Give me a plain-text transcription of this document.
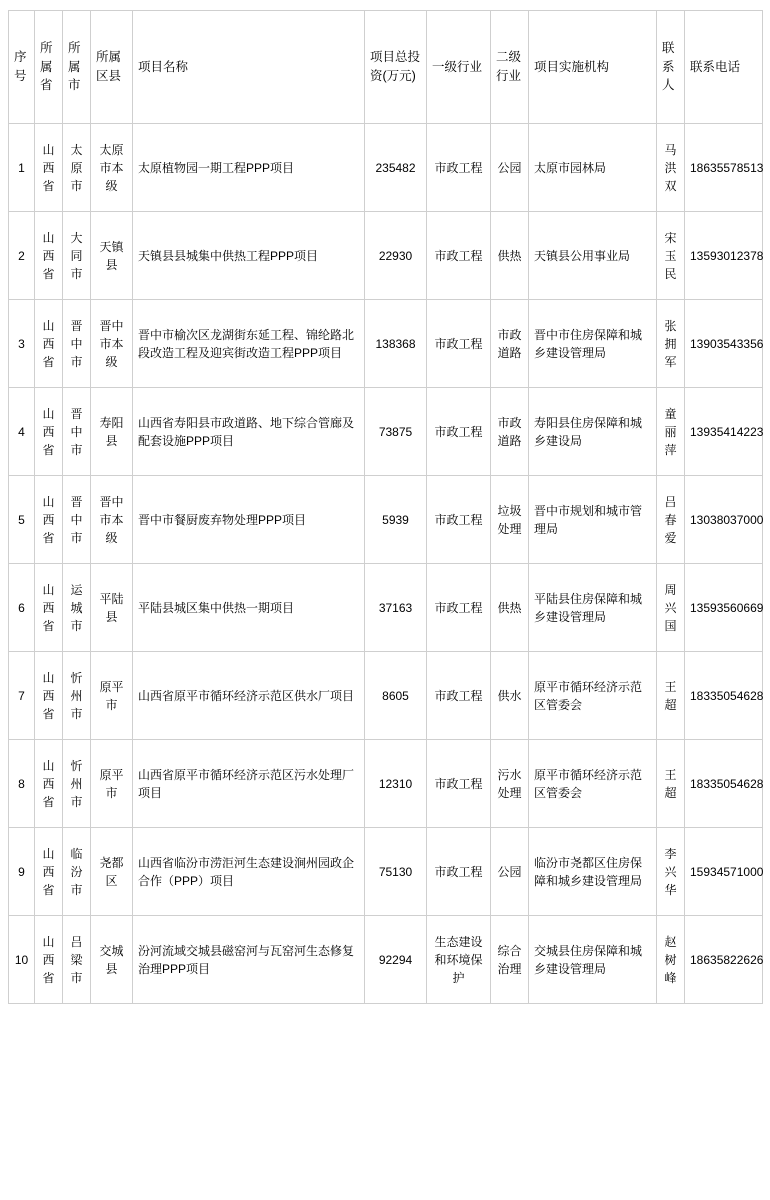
序号	所属省	所属市	所属区县	项目名称	项目总投资(万元)	一级行业	二级行业	项目实施机构	联系人	联系电话
1	山西省	太原市	太原市本级	太原植物园一期工程PPP项目	235482	市政工程	公园	太原市园林局	马洪双	18635578513
2	山西省	大同市	天镇县	天镇县县城集中供热工程PPP项目	22930	市政工程	供热	天镇县公用事业局	宋玉民	13593012378
3	山西省	晋中市	晋中市本级	晋中市榆次区龙湖街东延工程、锦纶路北段改造工程及迎宾街改造工程PPP项目	138368	市政工程	市政道路	晋中市住房保障和城乡建设管理局	张拥军	13903543356
4	山西省	晋中市	寿阳县	山西省寿阳县市政道路、地下综合管廊及配套设施PPP项目	73875	市政工程	市政道路	寿阳县住房保障和城乡建设局	童丽萍	13935414223
5	山西省	晋中市	晋中市本级	晋中市餐厨废弃物处理PPP项目	5939	市政工程	垃圾处理	晋中市规划和城市管理局	吕春爱	13038037000
6	山西省	运城市	平陆县	平陆县城区集中供热一期项目	37163	市政工程	供热	平陆县住房保障和城乡建设管理局	周兴国	13593560669
7	山西省	忻州市	原平市	山西省原平市循环经济示范区供水厂项目	8605	市政工程	供水	原平市循环经济示范区管委会	王超	18335054628
8	山西省	忻州市	原平市	山西省原平市循环经济示范区污水处理厂项目	12310	市政工程	污水处理	原平市循环经济示范区管委会	王超	18335054628
9	山西省	临汾市	尧都区	山西省临汾市涝洰河生态建设涧州园政企合作（PPP）项目	75130	市政工程	公园	临汾市尧都区住房保障和城乡建设管理局	李兴华	15934571000
10	山西省	吕梁市	交城县	汾河流域交城县磁窑河与瓦窑河生态修复治理PPP项目	92294	生态建设和环境保护	综合治理	交城县住房保障和城乡建设管理局	赵树峰	18635822626
